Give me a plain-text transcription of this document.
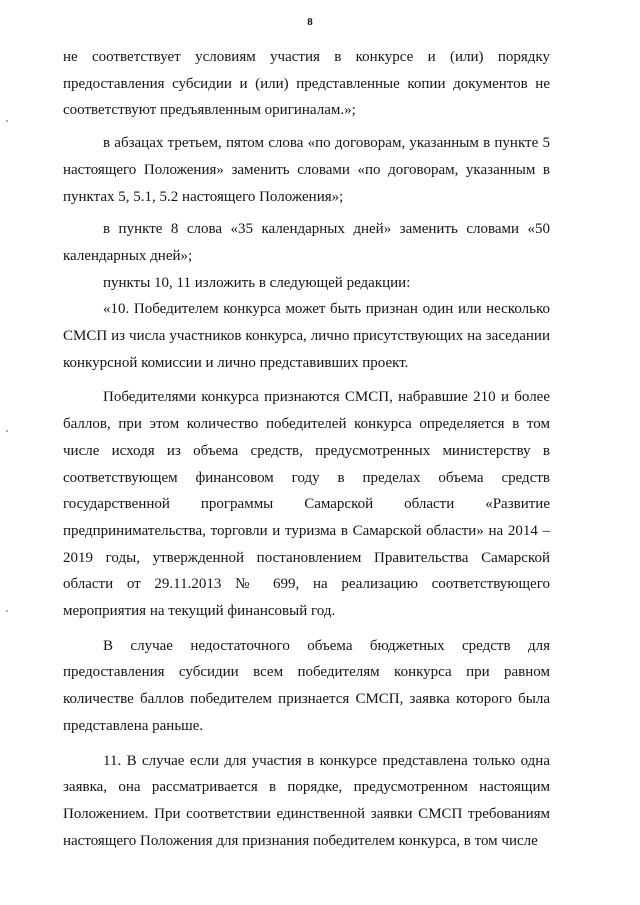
8

не соответствует условиям участия в конкурсе и (или) порядку предоставления субсидии и (или) представленные копии документов не соответствуют предъявленным оригиналам.»;

в абзацах третьем, пятом слова «по договорам, указанным в пункте 5 настоящего Положения» заменить словами «по договорам, указанным в пунктах 5, 5.1, 5.2 настоящего Положения»;

в пункте 8 слова «35 календарных дней» заменить словами «50 календарных дней»;

пункты 10, 11 изложить в следующей редакции:

«10. Победителем конкурса может быть признан один или несколько СМСП из числа участников конкурса, лично присутствующих на заседании конкурсной комиссии и лично представивших проект.

Победителями конкурса признаются СМСП, набравшие 210 и более баллов, при этом количество победителей конкурса определяется в том числе исходя из объема средств, предусмотренных министерству в соответствующем финансовом году в пределах объема средств государственной программы Самарской области «Развитие предпринимательства, торговли и туризма в Самарской области» на 2014 – 2019 годы, утвержденной постановлением Правительства Самарской области от 29.11.2013 № 699, на реализацию соответствующего мероприятия на текущий финансовый год.

В случае недостаточного объема бюджетных средств для предоставления субсидии всем победителям конкурса при равном количестве баллов победителем признается СМСП, заявка которого была представлена раньше.

11. В случае если для участия в конкурсе представлена только одна заявка, она рассматривается в порядке, предусмотренном настоящим Положением. При соответствии единственной заявки СМСП требованиям настоящего Положения для признания победителем конкурса, в том числе
